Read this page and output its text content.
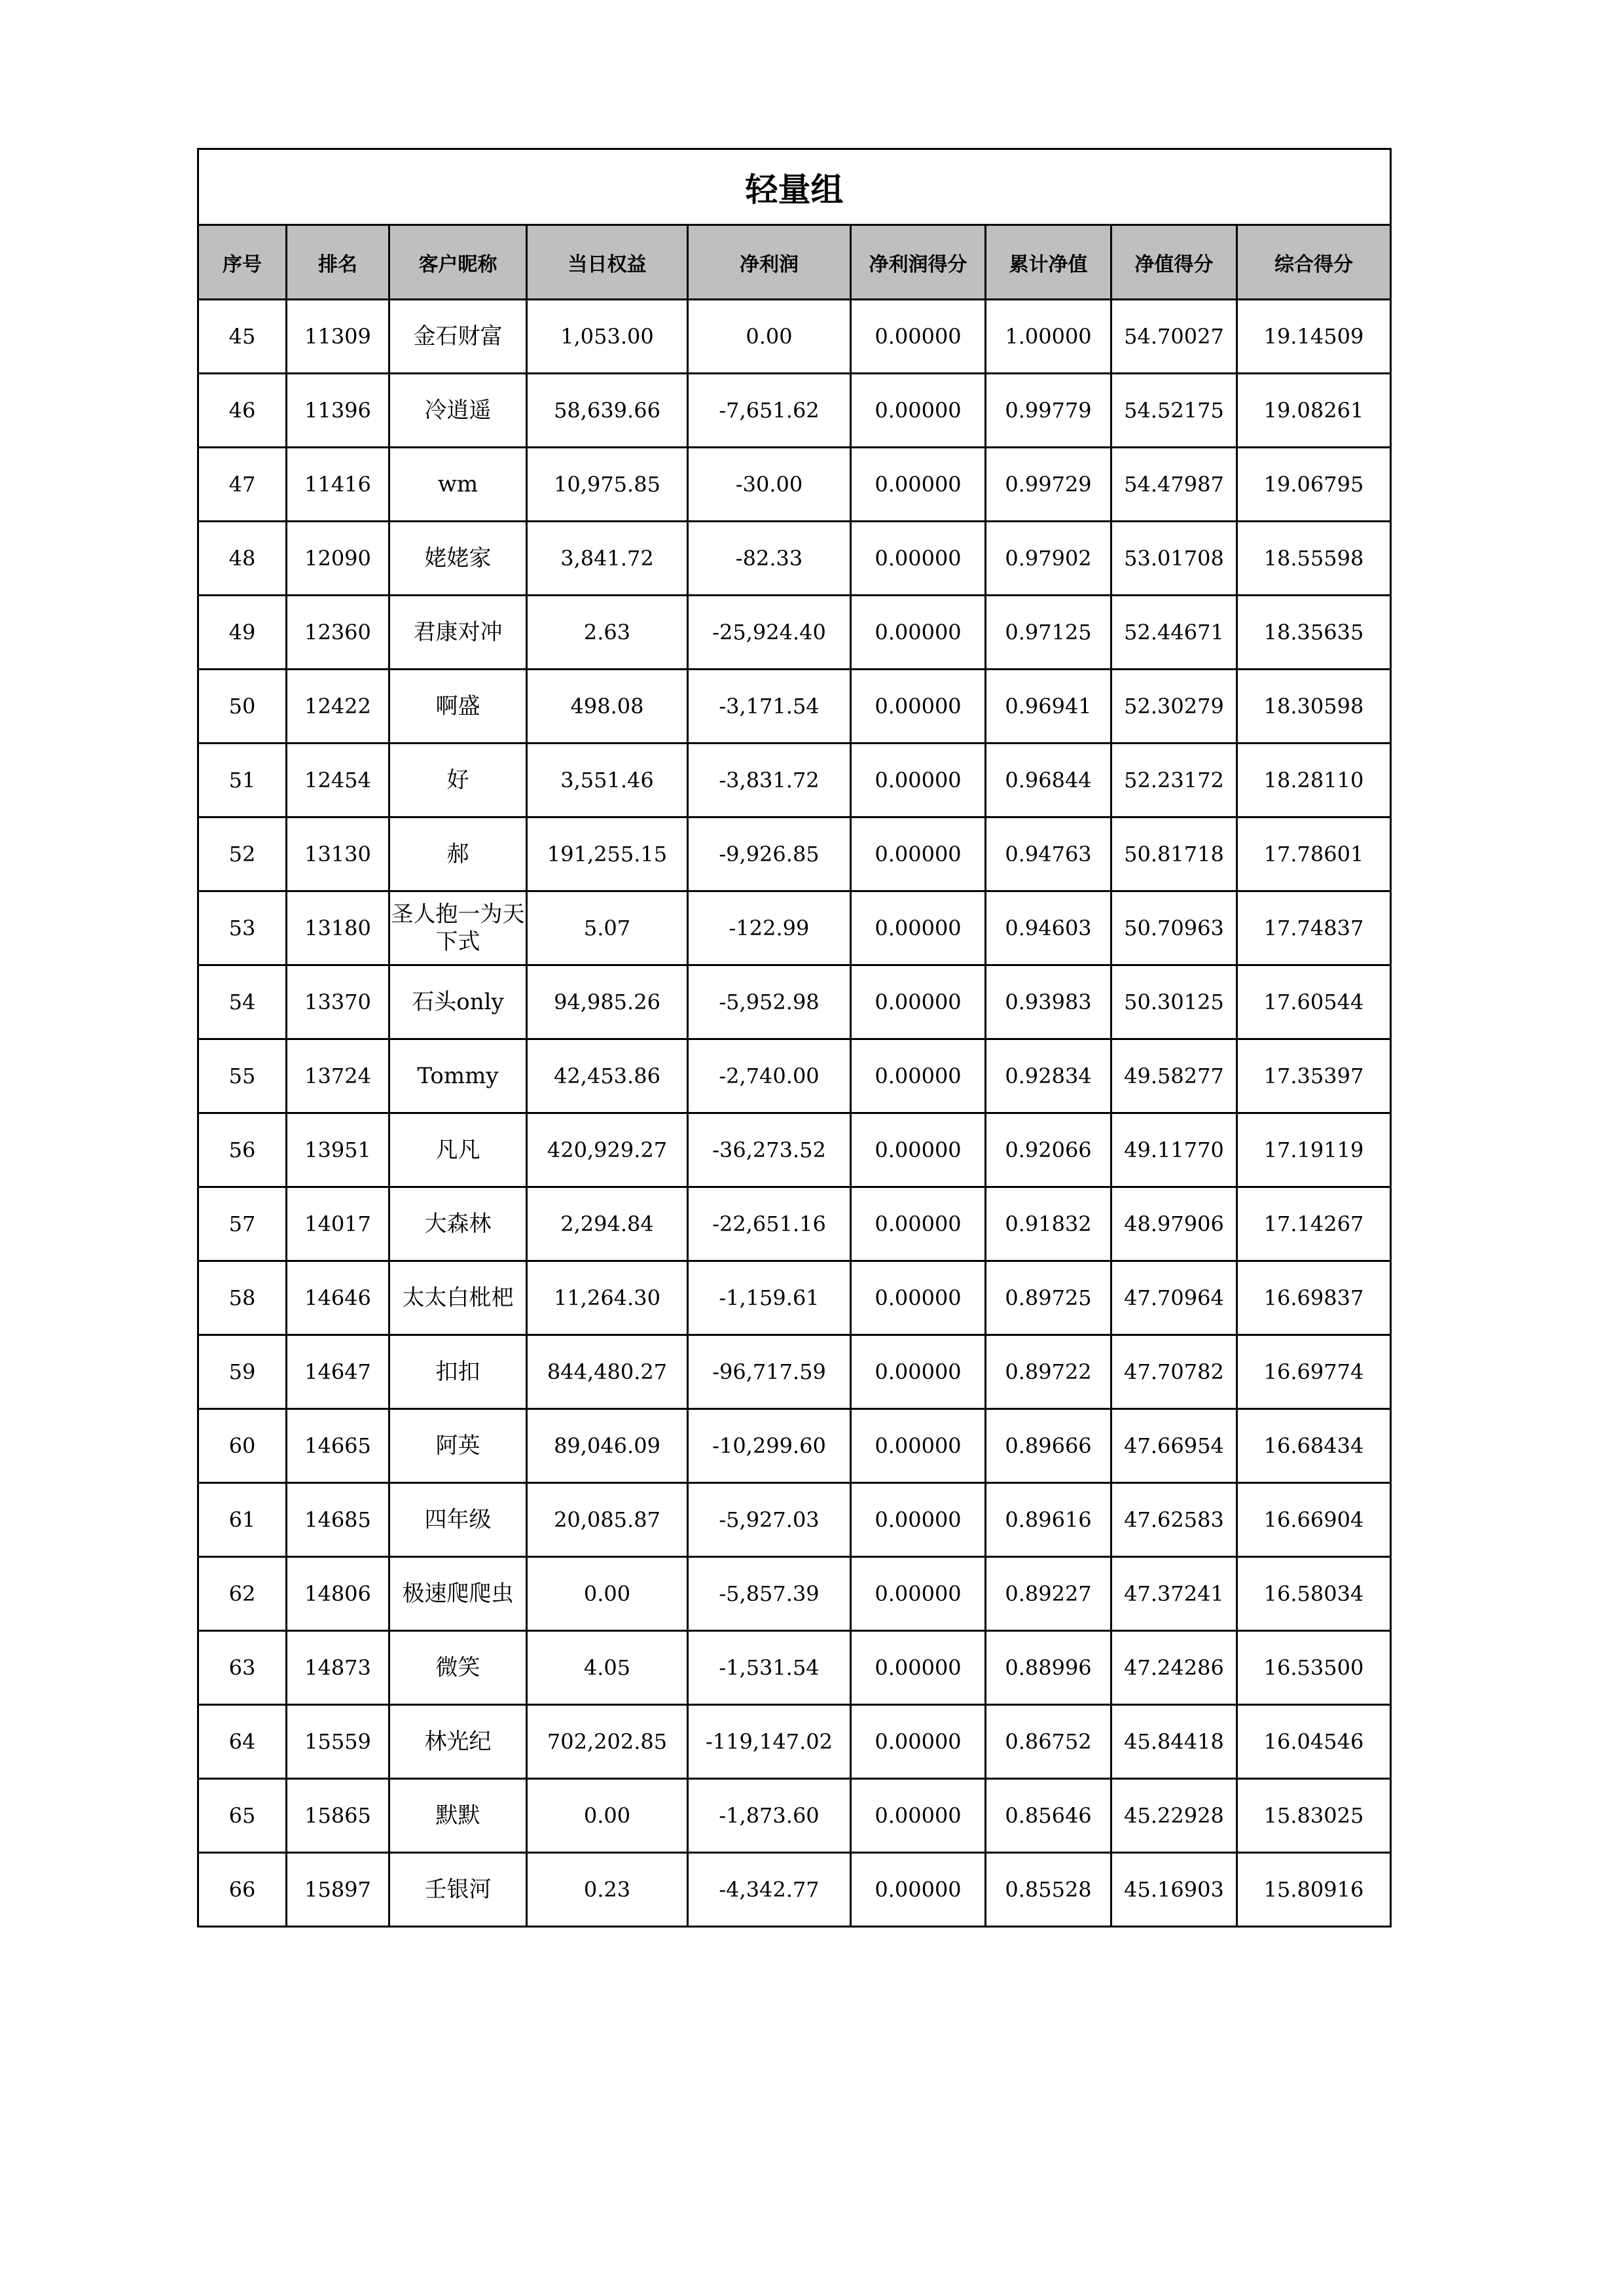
轻量组								
序号	排名	客户昵称	当日权益	净利润	净利润得分	累计净值	净值得分	综合得分
45	11309	金石财富	1,053.00	0.00	0.00000	1.00000	54.70027	19.14509
46	11396	冷逍遥	58,639.66	-7,651.62	0.00000	0.99779	54.52175	19.08261
47	11416	wm	10,975.85	-30.00	0.00000	0.99729	54.47987	19.06795
48	12090	姥姥家	3,841.72	-82.33	0.00000	0.97902	53.01708	18.55598
49	12360	君康对冲	2.63	-25,924.40	0.00000	0.97125	52.44671	18.35635
50	12422	啊盛	498.08	-3,171.54	0.00000	0.96941	52.30279	18.30598
51	12454	好	3,551.46	-3,831.72	0.00000	0.96844	52.23172	18.28110
52	13130	郝	191,255.15	-9,926.85	0.00000	0.94763	50.81718	17.78601
53	13180	圣人抱一为天下式	5.07	-122.99	0.00000	0.94603	50.70963	17.74837
54	13370	石头only	94,985.26	-5,952.98	0.00000	0.93983	50.30125	17.60544
55	13724	Tommy	42,453.86	-2,740.00	0.00000	0.92834	49.58277	17.35397
56	13951	凡凡	420,929.27	-36,273.52	0.00000	0.92066	49.11770	17.19119
57	14017	大森林	2,294.84	-22,651.16	0.00000	0.91832	48.97906	17.14267
58	14646	太太白枇杷	11,264.30	-1,159.61	0.00000	0.89725	47.70964	16.69837
59	14647	扣扣	844,480.27	-96,717.59	0.00000	0.89722	47.70782	16.69774
60	14665	阿英	89,046.09	-10,299.60	0.00000	0.89666	47.66954	16.68434
61	14685	四年级	20,085.87	-5,927.03	0.00000	0.89616	47.62583	16.66904
62	14806	极速爬爬虫	0.00	-5,857.39	0.00000	0.89227	47.37241	16.58034
63	14873	微笑	4.05	-1,531.54	0.00000	0.88996	47.24286	16.53500
64	15559	林光纪	702,202.85	-119,147.02	0.00000	0.86752	45.84418	16.04546
65	15865	默默	0.00	-1,873.60	0.00000	0.85646	45.22928	15.83025
66	15897	壬银河	0.23	-4,342.77	0.00000	0.85528	45.16903	15.80916
